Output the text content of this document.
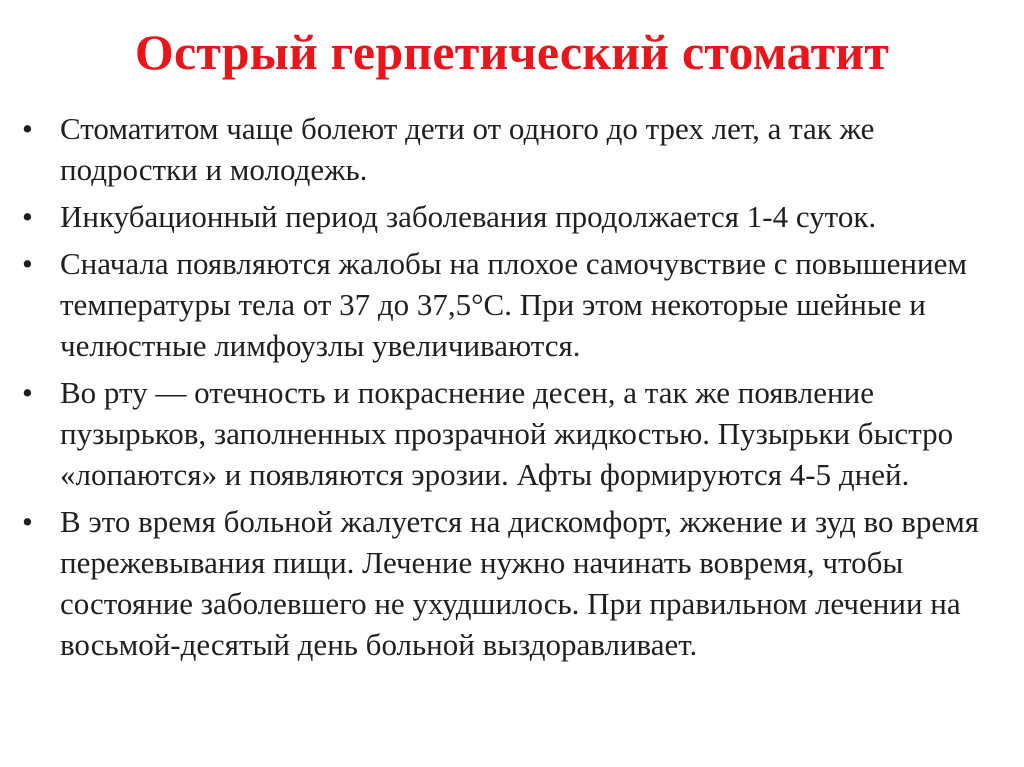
Острый герпетический стоматит
• Стоматитом чаще болеют дети от одного до трех лет, а так же подростки и молодежь.
• Инкубационный период заболевания продолжается 1-4 суток.
• Сначала появляются жалобы на плохое самочувствие с повышением температуры тела от 37 до 37,5°С. При этом некоторые шейные и челюстные лимфоузлы увеличиваются.
• Во рту — отечность и покраснение десен, а так же появление пузырьков, заполненных прозрачной жидкостью. Пузырьки быстро «лопаются» и появляются эрозии. Афты формируются 4-5 дней.
• В это время больной жалуется на дискомфорт, жжение и зуд во время пережевывания пищи. Лечение нужно начинать вовремя, чтобы состояние заболевшего не ухудшилось. При правильном лечении на восьмой-десятый день больной выздоравливает.
